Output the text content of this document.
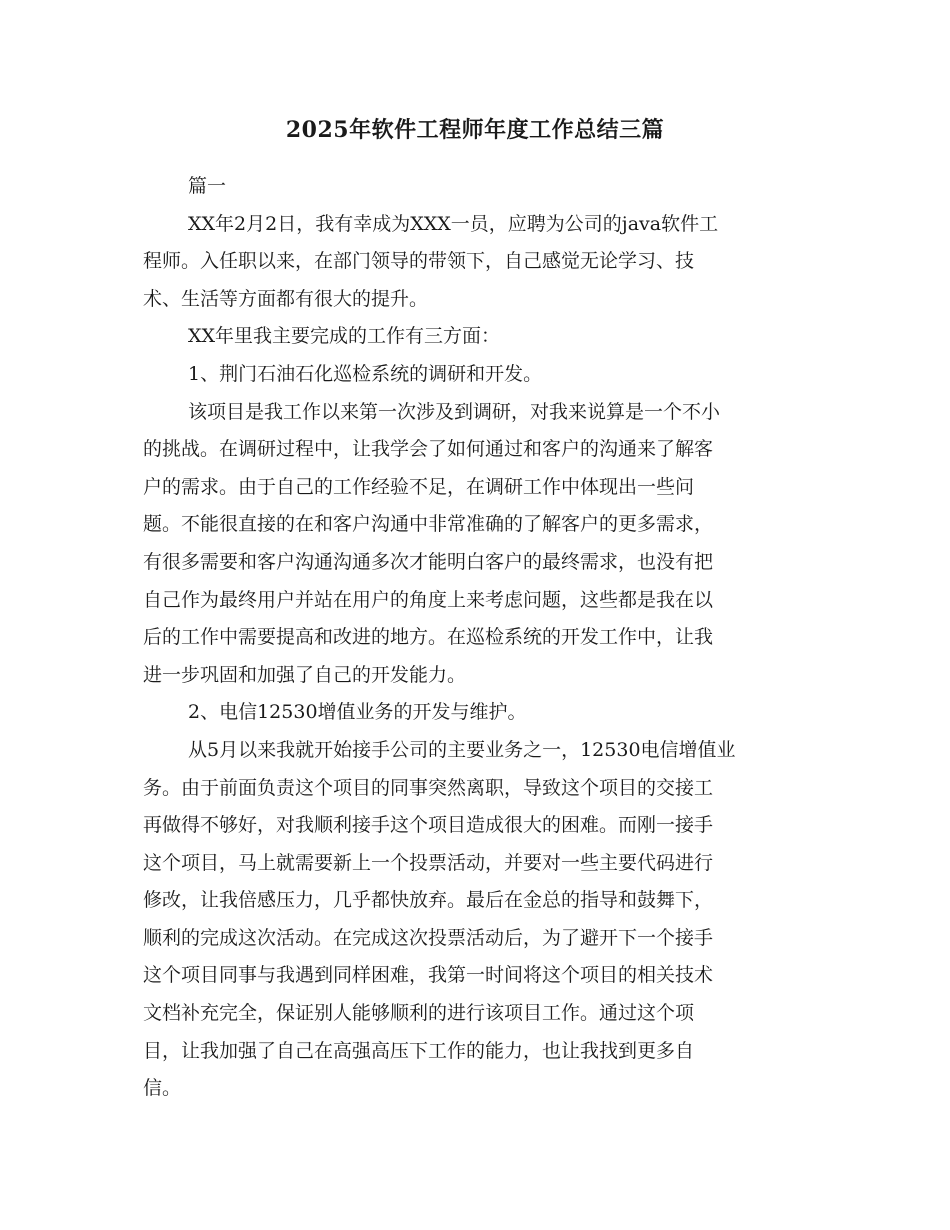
2025年软件工程师年度工作总结三篇
篇一
XX年2月2日，我有幸成为XXX一员，应聘为公司的java软件工
程师。入任职以来，在部门领导的带领下，自己感觉无论学习、技
术、生活等方面都有很大的提升。
XX年里我主要完成的工作有三方面：
1、荆门石油石化巡检系统的调研和开发。
该项目是我工作以来第一次涉及到调研，对我来说算是一个不小
的挑战。在调研过程中，让我学会了如何通过和客户的沟通来了解客
户的需求。由于自己的工作经验不足，在调研工作中体现出一些问
题。不能很直接的在和客户沟通中非常准确的了解客户的更多需求，
有很多需要和客户沟通沟通多次才能明白客户的最终需求，也没有把
自己作为最终用户并站在用户的角度上来考虑问题，这些都是我在以
后的工作中需要提高和改进的地方。在巡检系统的开发工作中，让我
进一步巩固和加强了自己的开发能力。
2、电信12530增值业务的开发与维护。
从5月以来我就开始接手公司的主要业务之一，12530电信增值业
务。由于前面负责这个项目的同事突然离职，导致这个项目的交接工
再做得不够好，对我顺利接手这个项目造成很大的困难。而刚一接手
这个项目，马上就需要新上一个投票活动，并要对一些主要代码进行
修改，让我倍感压力，几乎都快放弃。最后在金总的指导和鼓舞下，
顺利的完成这次活动。在完成这次投票活动后，为了避开下一个接手
这个项目同事与我遇到同样困难，我第一时间将这个项目的相关技术
文档补充完全，保证别人能够顺利的进行该项目工作。通过这个项
目，让我加强了自己在高强高压下工作的能力，也让我找到更多自
信。
